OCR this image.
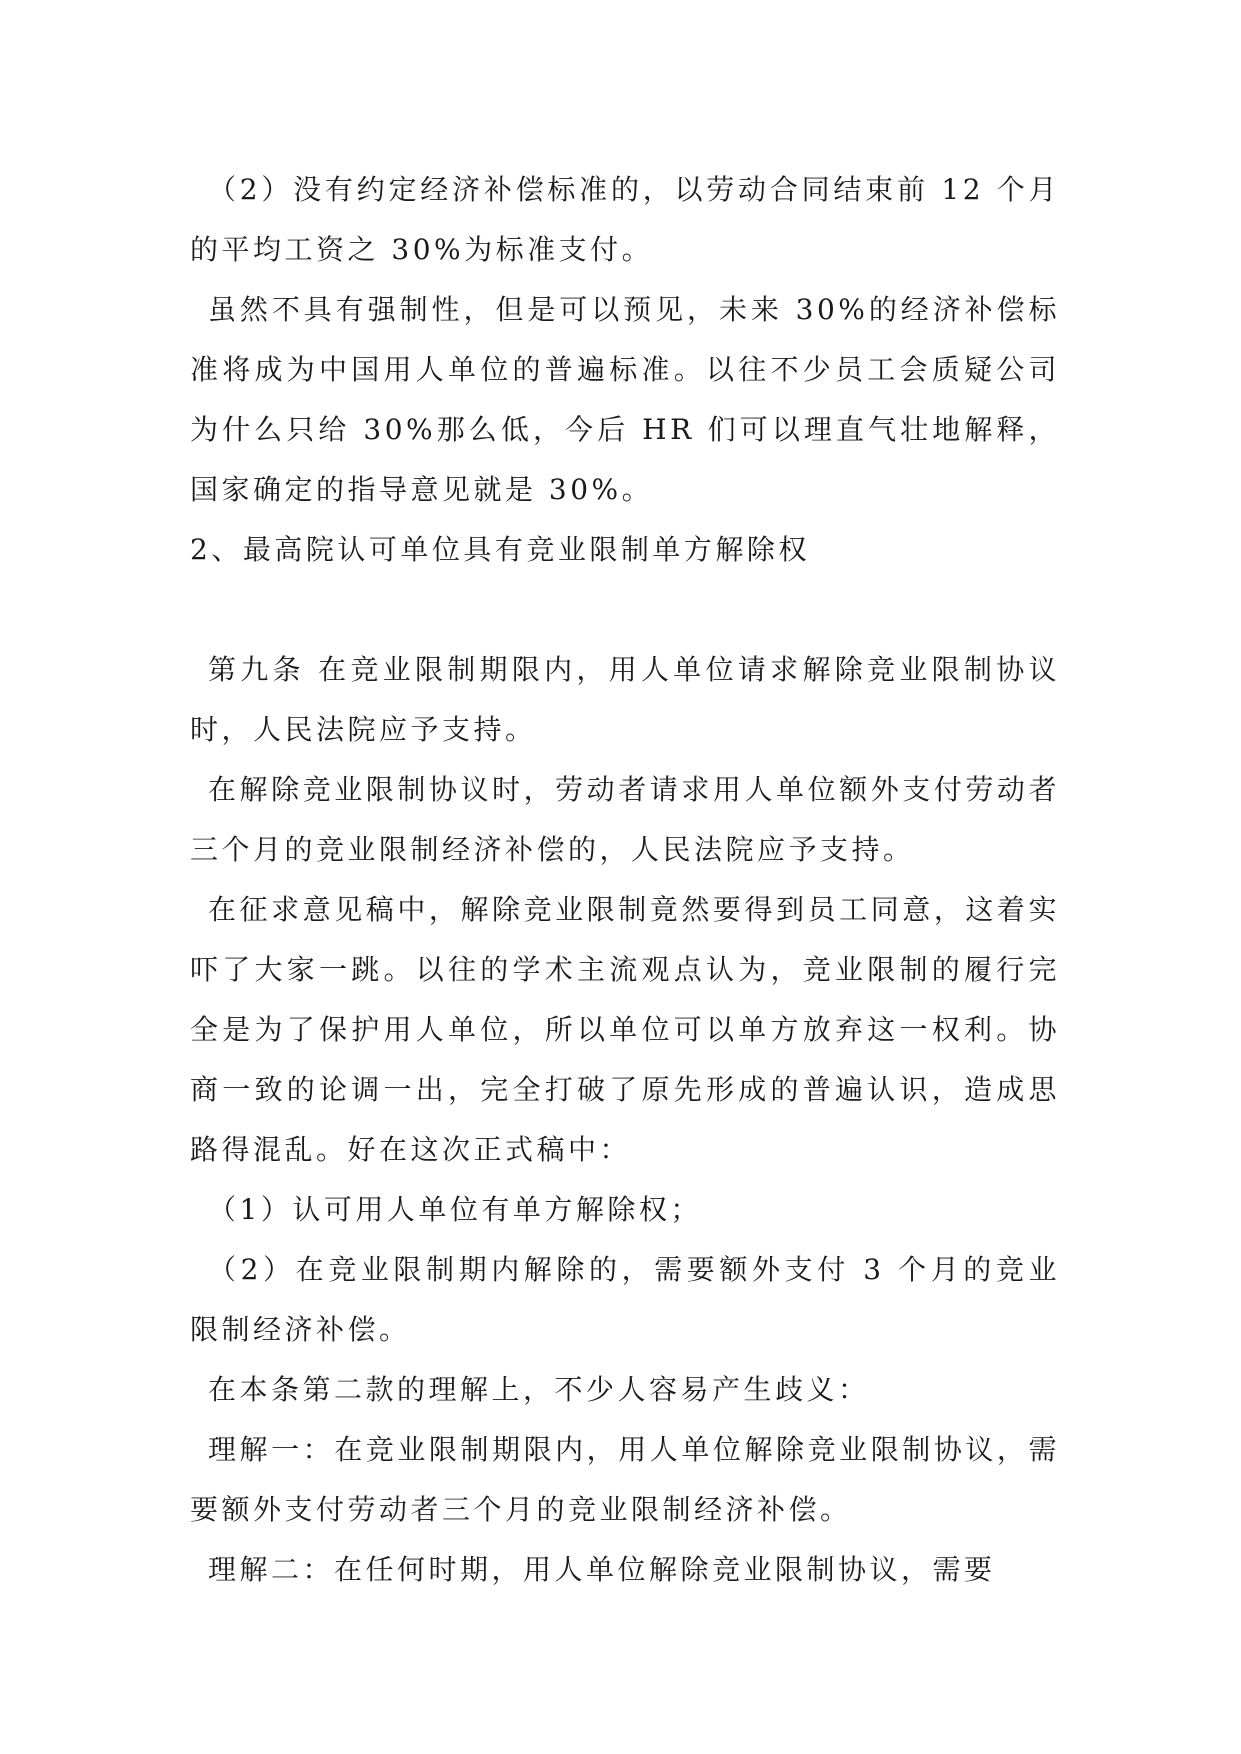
（2）没有约定经济补偿标准的，以劳动合同结束前 12 个月的平均工资之 30%为标准支付。

虽然不具有强制性，但是可以预见，未来 30%的经济补偿标准将成为中国用人单位的普遍标准。以往不少员工会质疑公司为什么只给 30%那么低，今后 HR 们可以理直气壮地解释，国家确定的指导意见就是 30%。

2、最高院认可单位具有竞业限制单方解除权

第九条 在竞业限制期限内，用人单位请求解除竞业限制协议时，人民法院应予支持。

在解除竞业限制协议时，劳动者请求用人单位额外支付劳动者三个月的竞业限制经济补偿的，人民法院应予支持。

在征求意见稿中，解除竞业限制竟然要得到员工同意，这着实吓了大家一跳。以往的学术主流观点认为，竞业限制的履行完全是为了保护用人单位，所以单位可以单方放弃这一权利。协商一致的论调一出，完全打破了原先形成的普遍认识，造成思路得混乱。好在这次正式稿中：

（1）认可用人单位有单方解除权；

（2）在竞业限制期内解除的，需要额外支付 3 个月的竞业限制经济补偿。

在本条第二款的理解上，不少人容易产生歧义：

理解一：在竞业限制期限内，用人单位解除竞业限制协议，需要额外支付劳动者三个月的竞业限制经济补偿。

理解二：在任何时期，用人单位解除竞业限制协议，需要
